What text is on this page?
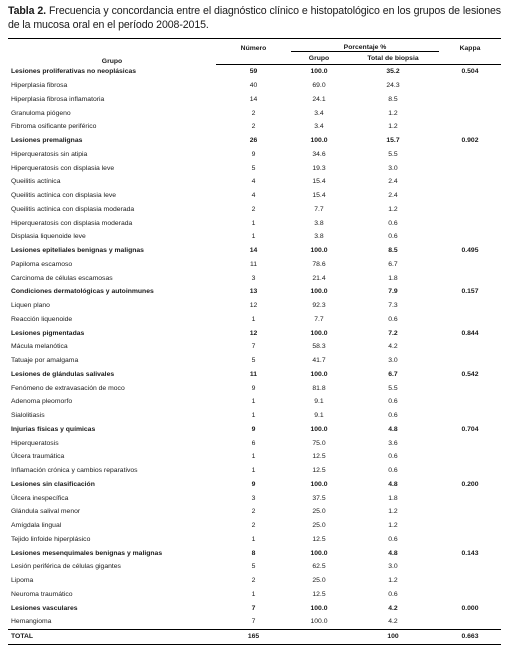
Tabla 2. Frecuencia y concordancia entre el diagnóstico clínico e histopatológico en los grupos de lesiones de la mucosa oral en el período 2008-2015.

Grupo	Número	Porcentaje %		Kappa
		Grupo	Total de biopsia	
Lesiones proliferativas no neoplásicas	59	100.0	35.2	0.504
Hiperplasia fibrosa	40	69.0	24.3	
Hiperplasia fibrosa inflamatoria	14	24.1	8.5	
Granuloma piógeno	2	3.4	1.2	
Fibroma osificante periférico	2	3.4	1.2	
Lesiones premalignas	26	100.0	15.7	0.902
Hiperqueratosis sin atipia	9	34.6	5.5	
Hiperqueratosis con displasia leve	5	19.3	3.0	
Queilitis actínica	4	15.4	2.4	
Queilitis actínica con displasia leve	4	15.4	2.4	
Queilitis actínica con displasia moderada	2	7.7	1.2	
Hiperqueratosis con displasia moderada	1	3.8	0.6	
Displasia liquenoide leve	1	3.8	0.6	
Lesiones epiteliales benignas y malignas	14	100.0	8.5	0.495
Papiloma escamoso	11	78.6	6.7	
Carcinoma de células escamosas	3	21.4	1.8	
Condiciones dermatológicas y autoinmunes	13	100.0	7.9	0.157
Liquen plano	12	92.3	7.3	
Reacción liquenoide	1	7.7	0.6	
Lesiones pigmentadas	12	100.0	7.2	0.844
Mácula melanótica	7	58.3	4.2	
Tatuaje por amalgama	5	41.7	3.0	
Lesiones de glándulas salivales	11	100.0	6.7	0.542
Fenómeno de extravasación de moco	9	81.8	5.5	
Adenoma pleomorfo	1	9.1	0.6	
Sialolitiasis	1	9.1	0.6	
Injurias físicas y químicas	9	100.0	4.8	0.704
Hiperqueratosis	6	75.0	3.6	
Úlcera traumática	1	12.5	0.6	
Inflamación crónica y cambios reparativos	1	12.5	0.6	
Lesiones sin clasificación	9	100.0	4.8	0.200
Úlcera inespecífica	3	37.5	1.8	
Glándula salival menor	2	25.0	1.2	
Amígdala lingual	2	25.0	1.2	
Tejido linfoide hiperplásico	1	12.5	0.6	
Lesiones mesenquimales benignas y malignas	8	100.0	4.8	0.143
Lesión periférica de células gigantes	5	62.5	3.0	
Lipoma	2	25.0	1.2	
Neuroma traumático	1	12.5	0.6	
Lesiones vasculares	7	100.0	4.2	0.000
Hemangioma	7	100.0	4.2	
TOTAL	165		100	0.663
